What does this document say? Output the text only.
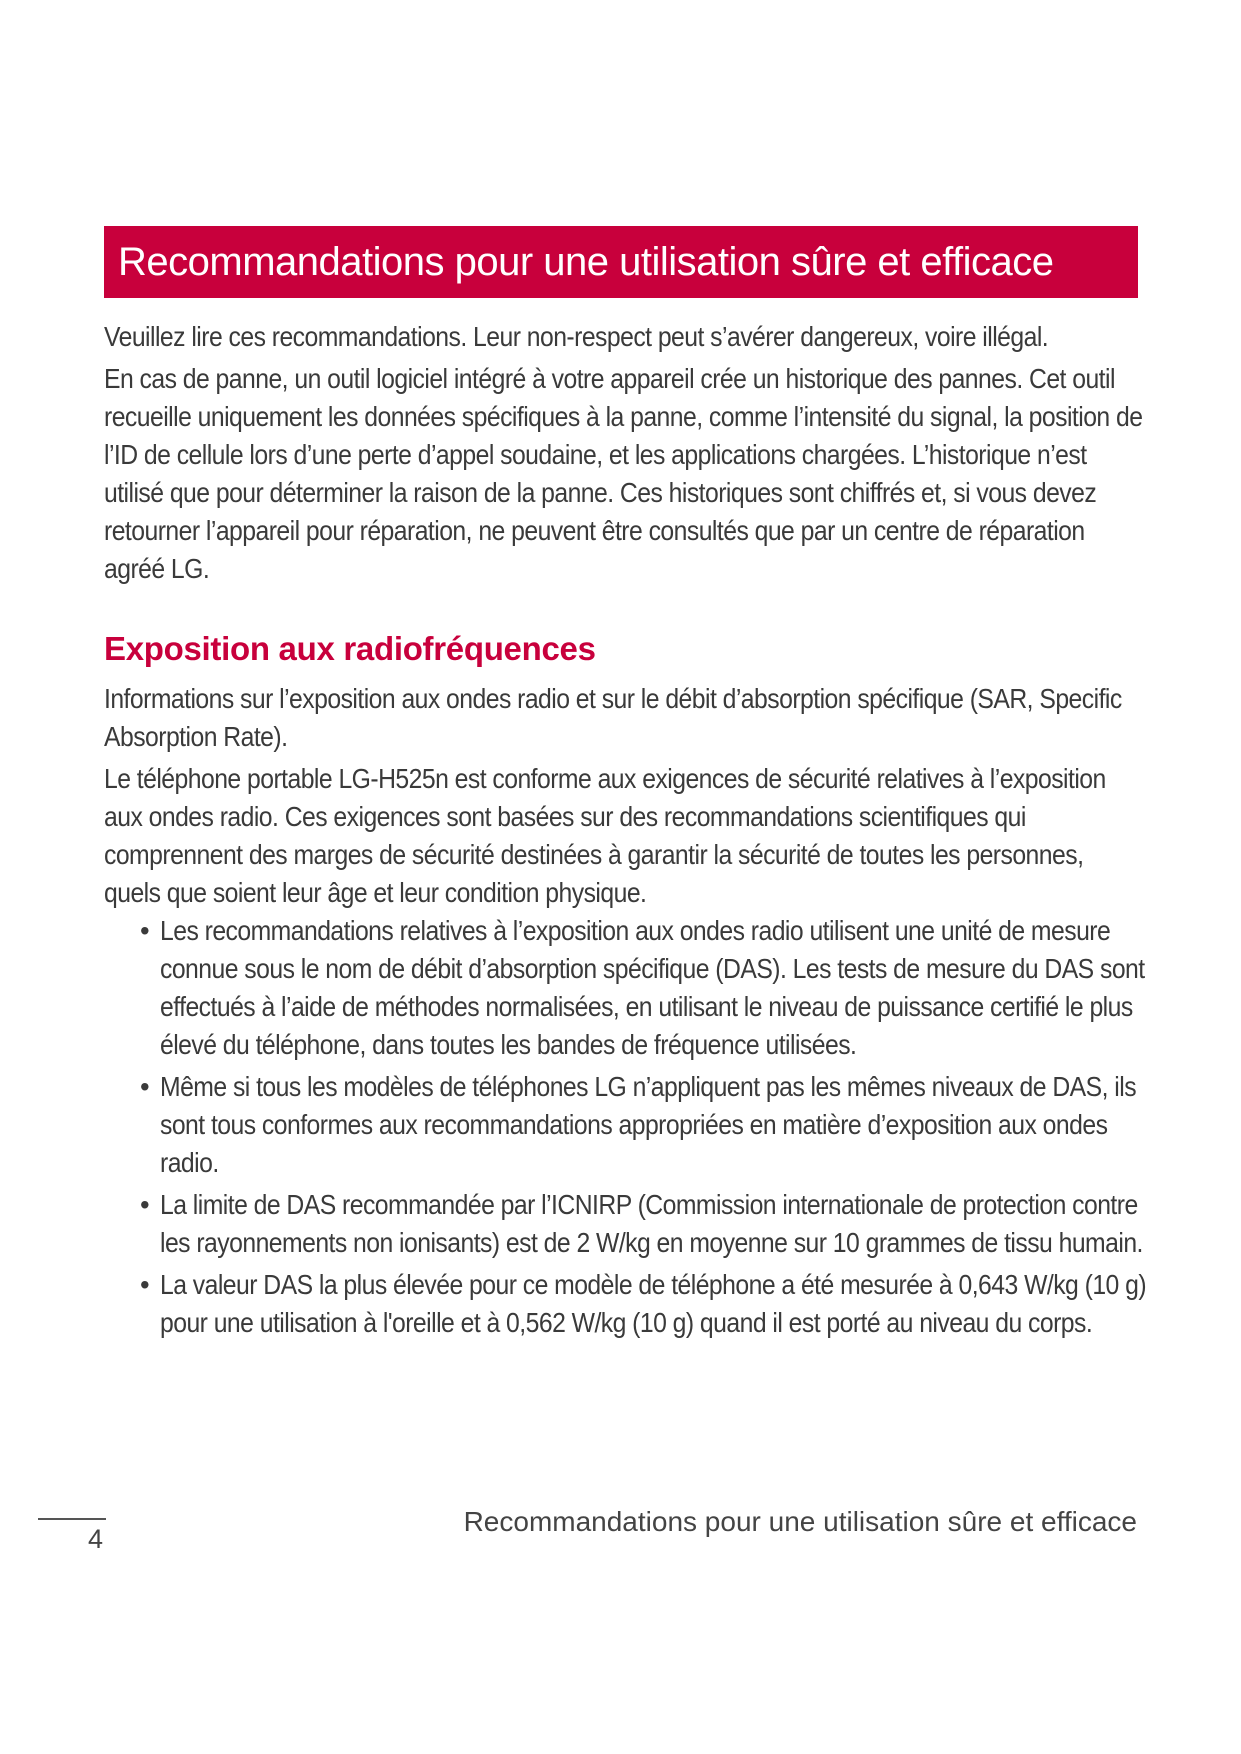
Recommandations pour une utilisation sûre et efficace

Veuillez lire ces recommandations. Leur non-respect peut s’avérer dangereux, voire illégal.

En cas de panne, un outil logiciel intégré à votre appareil crée un historique des pannes. Cet outil recueille uniquement les données spécifiques à la panne, comme l’intensité du signal, la position de l’ID de cellule lors d’une perte d’appel soudaine, et les applications chargées. L’historique n’est utilisé que pour déterminer la raison de la panne. Ces historiques sont chiffrés et, si vous devez retourner l’appareil pour réparation, ne peuvent être consultés que par un centre de réparation agréé LG.

Exposition aux radiofréquences

Informations sur l’exposition aux ondes radio et sur le débit d’absorption spécifique (SAR, Specific Absorption Rate).

Le téléphone portable LG-H525n est conforme aux exigences de sécurité relatives à l’exposition aux ondes radio. Ces exigences sont basées sur des recommandations scientifiques qui comprennent des marges de sécurité destinées à garantir la sécurité de toutes les personnes, quels que soient leur âge et leur condition physique.

• Les recommandations relatives à l’exposition aux ondes radio utilisent une unité de mesure connue sous le nom de débit d’absorption spécifique (DAS). Les tests de mesure du DAS sont effectués à l’aide de méthodes normalisées, en utilisant le niveau de puissance certifié le plus élevé du téléphone, dans toutes les bandes de fréquence utilisées.

• Même si tous les modèles de téléphones LG n’appliquent pas les mêmes niveaux de DAS, ils sont tous conformes aux recommandations appropriées en matière d’exposition aux ondes radio.

• La limite de DAS recommandée par l’ICNIRP (Commission internationale de protection contre les rayonnements non ionisants) est de 2 W/kg en moyenne sur 10 grammes de tissu humain.

• La valeur DAS la plus élevée pour ce modèle de téléphone a été mesurée à 0,643 W/kg (10 g) pour une utilisation à l'oreille et à 0,562 W/kg (10 g) quand il est porté au niveau du corps.

4
Recommandations pour une utilisation sûre et efficace
